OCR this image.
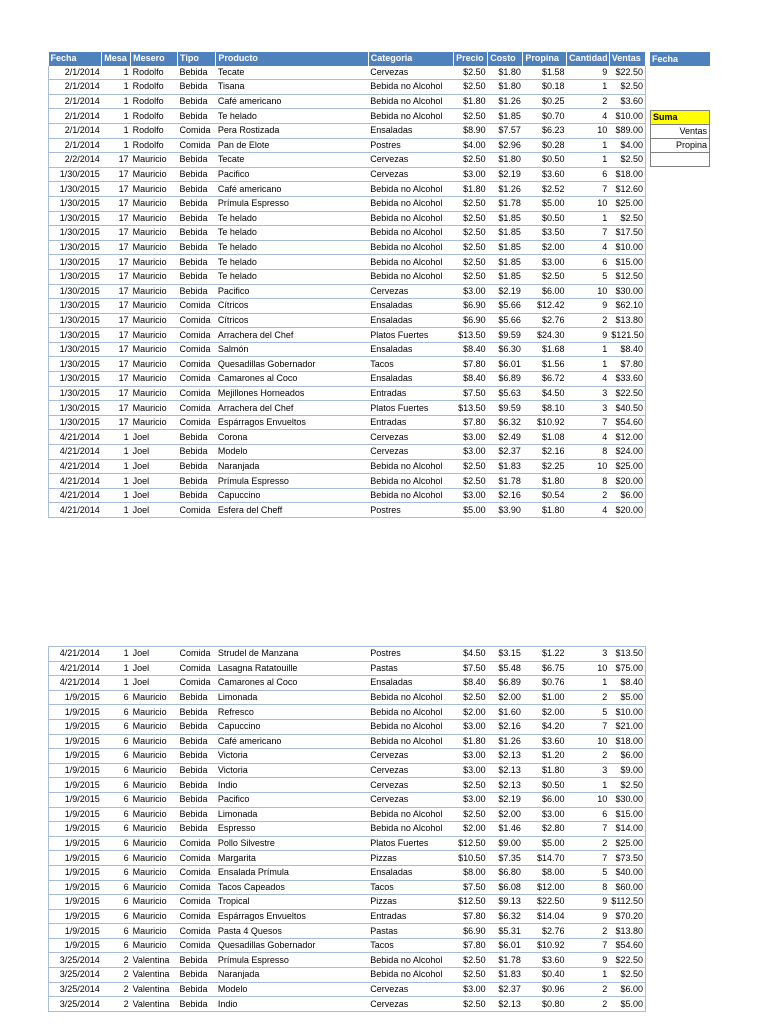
Fecha	Mesa	Mesero	Tipo	Producto	Categoria	Precio	Costo	Propina	Cantidad	Ventas
2/1/2014	1	Rodolfo	Bebida	Tecate	Cervezas	$2.50	$1.80	$1.58	9	$22.50
2/1/2014	1	Rodolfo	Bebida	Tisana	Bebida no Alcohol	$2.50	$1.80	$0.18	1	$2.50
2/1/2014	1	Rodolfo	Bebida	Café americano	Bebida no Alcohol	$1.80	$1.26	$0.25	2	$3.60
2/1/2014	1	Rodolfo	Bebida	Te helado	Bebida no Alcohol	$2.50	$1.85	$0.70	4	$10.00
2/1/2014	1	Rodolfo	Comida	Pera Rostizada	Ensaladas	$8.90	$7.57	$6.23	10	$89.00
2/1/2014	1	Rodolfo	Comida	Pan de Elote	Postres	$4.00	$2.96	$0.28	1	$4.00
2/2/2014	17	Mauricio	Bebida	Tecate	Cervezas	$2.50	$1.80	$0.50	1	$2.50
1/30/2015	17	Mauricio	Bebida	Pacifico	Cervezas	$3.00	$2.19	$3.60	6	$18.00
1/30/2015	17	Mauricio	Bebida	Café americano	Bebida no Alcohol	$1.80	$1.26	$2.52	7	$12.60
1/30/2015	17	Mauricio	Bebida	Prímula Espresso	Bebida no Alcohol	$2.50	$1.78	$5.00	10	$25.00
1/30/2015	17	Mauricio	Bebida	Te helado	Bebida no Alcohol	$2.50	$1.85	$0.50	1	$2.50
1/30/2015	17	Mauricio	Bebida	Te helado	Bebida no Alcohol	$2.50	$1.85	$3.50	7	$17.50
1/30/2015	17	Mauricio	Bebida	Te helado	Bebida no Alcohol	$2.50	$1.85	$2.00	4	$10.00
1/30/2015	17	Mauricio	Bebida	Te helado	Bebida no Alcohol	$2.50	$1.85	$3.00	6	$15.00
1/30/2015	17	Mauricio	Bebida	Te helado	Bebida no Alcohol	$2.50	$1.85	$2.50	5	$12.50
1/30/2015	17	Mauricio	Bebida	Pacifico	Cervezas	$3.00	$2.19	$6.00	10	$30.00
1/30/2015	17	Mauricio	Comida	Cítricos	Ensaladas	$6.90	$5.66	$12.42	9	$62.10
1/30/2015	17	Mauricio	Comida	Cítricos	Ensaladas	$6.90	$5.66	$2.76	2	$13.80
1/30/2015	17	Mauricio	Comida	Arrachera del Chef	Platos Fuertes	$13.50	$9.59	$24.30	9	$121.50
1/30/2015	17	Mauricio	Comida	Salmón	Ensaladas	$8.40	$6.30	$1.68	1	$8.40
1/30/2015	17	Mauricio	Comida	Quesadillas Gobernador	Tacos	$7.80	$6.01	$1.56	1	$7.80
1/30/2015	17	Mauricio	Comida	Camarones al Coco	Ensaladas	$8.40	$6.89	$6.72	4	$33.60
1/30/2015	17	Mauricio	Comida	Mejillones Horneados	Entradas	$7.50	$5.63	$4.50	3	$22.50
1/30/2015	17	Mauricio	Comida	Arrachera del Chef	Platos Fuertes	$13.50	$9.59	$8.10	3	$40.50
1/30/2015	17	Mauricio	Comida	Espárragos Envueltos	Entradas	$7.80	$6.32	$10.92	7	$54.60
4/21/2014	1	Joel	Bebida	Corona	Cervezas	$3.00	$2.49	$1.08	4	$12.00
4/21/2014	1	Joel	Bebida	Modelo	Cervezas	$3.00	$2.37	$2.16	8	$24.00
4/21/2014	1	Joel	Bebida	Naranjada	Bebida no Alcohol	$2.50	$1.83	$2.25	10	$25.00
4/21/2014	1	Joel	Bebida	Prímula Espresso	Bebida no Alcohol	$2.50	$1.78	$1.80	8	$20.00
4/21/2014	1	Joel	Bebida	Capuccino	Bebida no Alcohol	$3.00	$2.16	$0.54	2	$6.00
4/21/2014	1	Joel	Comida	Esfera del Cheff	Postres	$5.00	$3.90	$1.80	4	$20.00
Fecha
Suma
Ventas
Propina
4/21/2014	1	Joel	Comida	Strudel de Manzana	Postres	$4.50	$3.15	$1.22	3	$13.50
4/21/2014	1	Joel	Comida	Lasagna Ratatouille	Pastas	$7.50	$5.48	$6.75	10	$75.00
4/21/2014	1	Joel	Comida	Camarones al Coco	Ensaladas	$8.40	$6.89	$0.76	1	$8.40
1/9/2015	6	Mauricio	Bebida	Limonada	Bebida no Alcohol	$2.50	$2.00	$1.00	2	$5.00
1/9/2015	6	Mauricio	Bebida	Refresco	Bebida no Alcohol	$2.00	$1.60	$2.00	5	$10.00
1/9/2015	6	Mauricio	Bebida	Capuccino	Bebida no Alcohol	$3.00	$2.16	$4.20	7	$21.00
1/9/2015	6	Mauricio	Bebida	Café americano	Bebida no Alcohol	$1.80	$1.26	$3.60	10	$18.00
1/9/2015	6	Mauricio	Bebida	Victoria	Cervezas	$3.00	$2.13	$1.20	2	$6.00
1/9/2015	6	Mauricio	Bebida	Victoria	Cervezas	$3.00	$2.13	$1.80	3	$9.00
1/9/2015	6	Mauricio	Bebida	Indio	Cervezas	$2.50	$2.13	$0.50	1	$2.50
1/9/2015	6	Mauricio	Bebida	Pacifico	Cervezas	$3.00	$2.19	$6.00	10	$30.00
1/9/2015	6	Mauricio	Bebida	Limonada	Bebida no Alcohol	$2.50	$2.00	$3.00	6	$15.00
1/9/2015	6	Mauricio	Bebida	Espresso	Bebida no Alcohol	$2.00	$1.46	$2.80	7	$14.00
1/9/2015	6	Mauricio	Comida	Pollo Silvestre	Platos Fuertes	$12.50	$9.00	$5.00	2	$25.00
1/9/2015	6	Mauricio	Comida	Margarita	Pizzas	$10.50	$7.35	$14.70	7	$73.50
1/9/2015	6	Mauricio	Comida	Ensalada Prímula	Ensaladas	$8.00	$6.80	$8.00	5	$40.00
1/9/2015	6	Mauricio	Comida	Tacos Capeados	Tacos	$7.50	$6.08	$12.00	8	$60.00
1/9/2015	6	Mauricio	Comida	Tropical	Pizzas	$12.50	$9.13	$22.50	9	$112.50
1/9/2015	6	Mauricio	Comida	Espárragos Envueltos	Entradas	$7.80	$6.32	$14.04	9	$70.20
1/9/2015	6	Mauricio	Comida	Pasta 4 Quesos	Pastas	$6.90	$5.31	$2.76	2	$13.80
1/9/2015	6	Mauricio	Comida	Quesadillas Gobernador	Tacos	$7.80	$6.01	$10.92	7	$54.60
3/25/2014	2	Valentina	Bebida	Prímula Espresso	Bebida no Alcohol	$2.50	$1.78	$3.60	9	$22.50
3/25/2014	2	Valentina	Bebida	Naranjada	Bebida no Alcohol	$2.50	$1.83	$0.40	1	$2.50
3/25/2014	2	Valentina	Bebida	Modelo	Cervezas	$3.00	$2.37	$0.96	2	$6.00
3/25/2014	2	Valentina	Bebida	Indio	Cervezas	$2.50	$2.13	$0.80	2	$5.00
